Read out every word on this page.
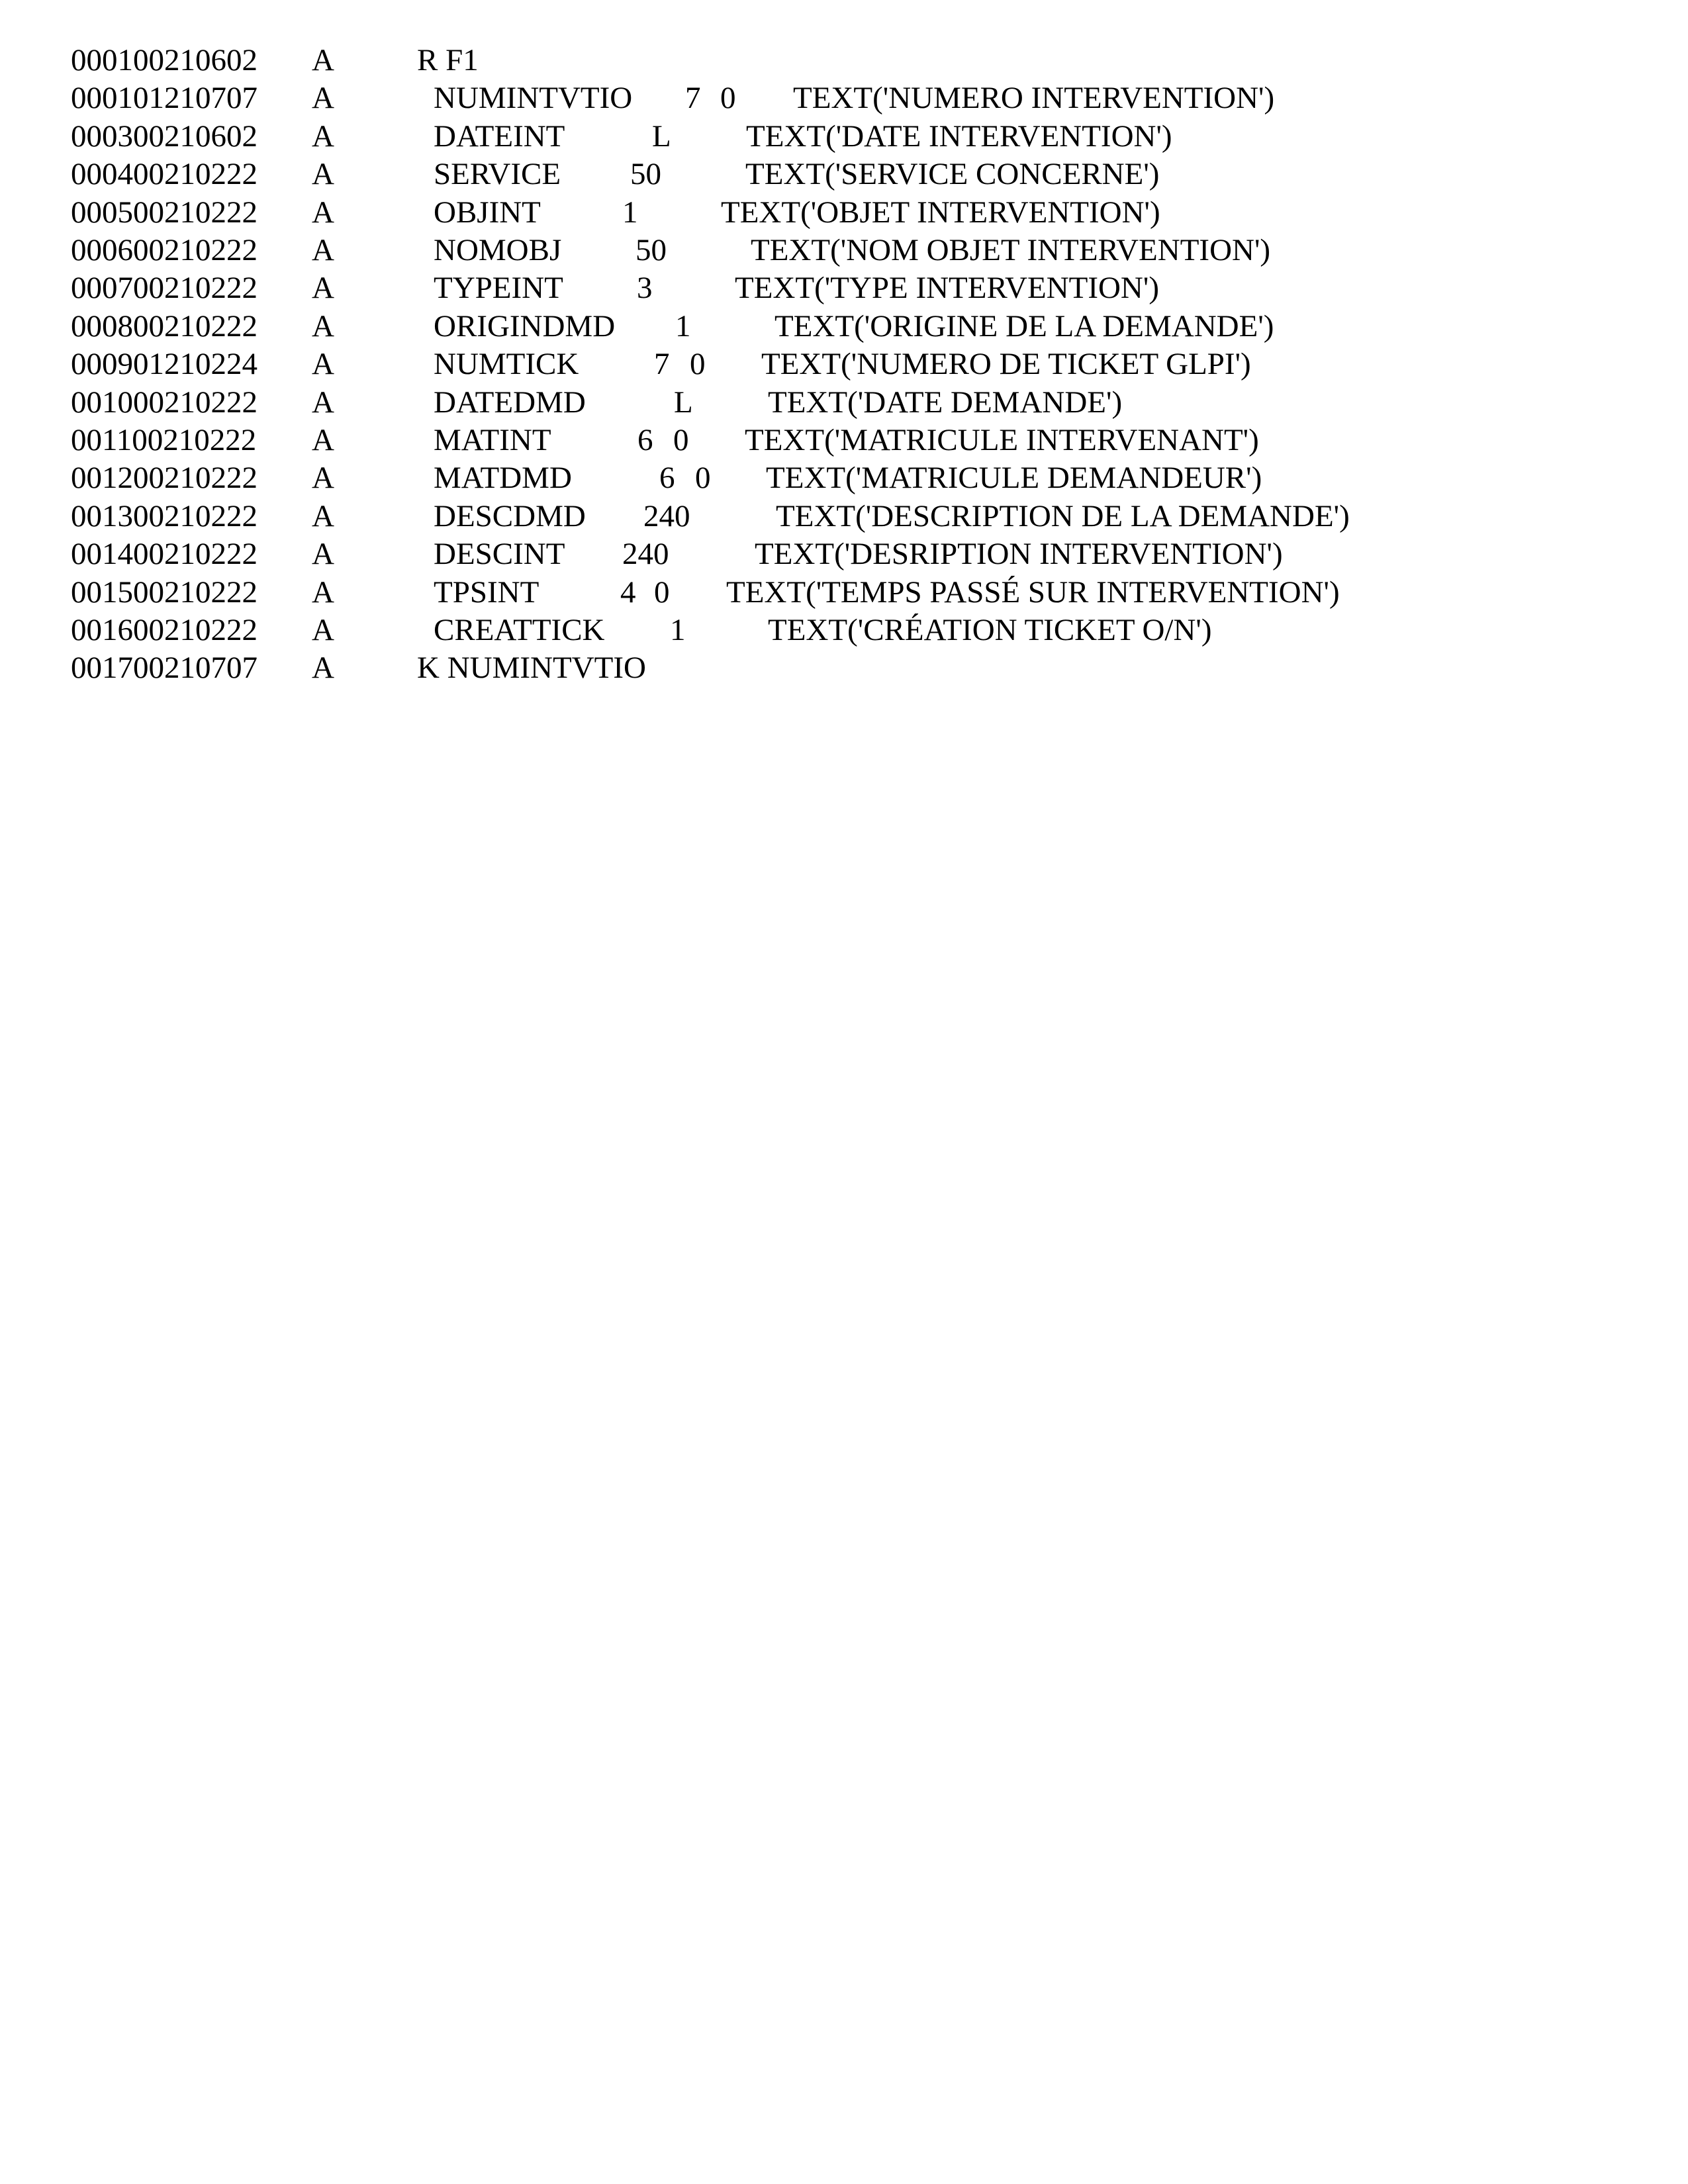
000100210602 A	R F1
000101210707 A	NUMINTVTIO 7 0 TEXT('NUMERO INTERVENTION')
000300210602 A	DATEINT	L TEXT('DATE INTERVENTION')
000400210222 A	SERVICE 50	TEXT('SERVICE CONCERNE')
000500210222 A	OBJINT	1	TEXT('OBJET INTERVENTION')
000600210222 A	NOMOBJ 50	TEXT('NOM OBJET INTERVENTION')
000700210222 A	TYPEINT 3	TEXT('TYPE INTERVENTION')
000800210222 A	ORIGINDMD 1	TEXT('ORIGINE DE LA DEMANDE')
000901210224 A	NUMTICK 7 0 TEXT('NUMERO DE TICKET GLPI')
001000210222 A	DATEDMD	L TEXT('DATE DEMANDE')
001100210222 A	MATINT	6 0 TEXT('MATRICULE INTERVENANT')
001200210222 A	MATDMD	6 0 TEXT('MATRICULE DEMANDEUR')
001300210222 A	DESCDMD 240	TEXT('DESCRIPTION DE LA DEMANDE')
001400210222 A	DESCINT 240	TEXT('DESRIPTION INTERVENTION')
001500210222 A	TPSINT	4 0 TEXT('TEMPS PASSÉ SUR INTERVENTION')
001600210222 A	CREATTICK 1	TEXT('CRÉATION TICKET O/N')
001700210707 A	K NUMINTVTIO
